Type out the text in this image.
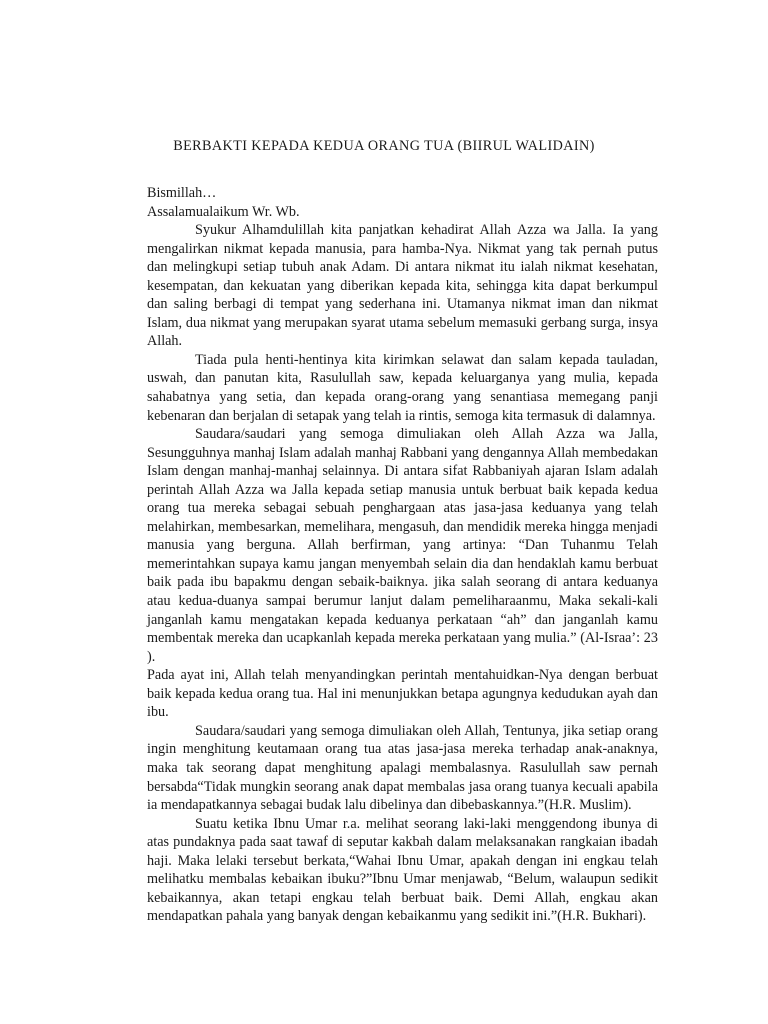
BERBAKTI KEPADA KEDUA ORANG TUA (BIIRUL WALIDAIN)

Bismillah…

Assalamualaikum Wr. Wb.

Syukur Alhamdulillah kita panjatkan kehadirat Allah Azza wa Jalla. Ia yang mengalirkan nikmat kepada manusia, para hamba-Nya. Nikmat yang tak pernah putus dan melingkupi setiap tubuh anak Adam. Di antara nikmat itu ialah nikmat kesehatan, kesempatan, dan kekuatan yang diberikan kepada kita, sehingga kita dapat berkumpul dan saling berbagi di tempat yang sederhana ini. Utamanya nikmat iman dan nikmat Islam, dua nikmat yang merupakan syarat utama sebelum memasuki gerbang surga, insya Allah.

Tiada pula henti-hentinya kita kirimkan selawat dan salam kepada tauladan, uswah, dan panutan kita, Rasulullah saw, kepada keluarganya yang mulia, kepada sahabatnya yang setia, dan kepada orang-orang yang senantiasa memegang panji kebenaran dan berjalan di setapak yang telah ia rintis, semoga kita termasuk di dalamnya.

Saudara/saudari yang semoga dimuliakan oleh Allah Azza wa Jalla, Sesungguhnya manhaj Islam adalah manhaj Rabbani yang dengannya Allah membedakan Islam dengan manhaj-manhaj selainnya. Di antara sifat Rabbaniyah ajaran Islam adalah perintah Allah Azza wa Jalla kepada setiap manusia untuk berbuat baik kepada kedua orang tua mereka sebagai sebuah penghargaan atas jasa-jasa keduanya yang telah melahirkan, membesarkan, memelihara, mengasuh, dan mendidik mereka hingga menjadi manusia yang berguna. Allah berfirman, yang artinya: “Dan Tuhanmu Telah memerintahkan supaya kamu jangan menyembah selain dia dan hendaklah kamu berbuat baik pada ibu bapakmu dengan sebaik-baiknya. jika salah seorang di antara keduanya atau kedua-duanya sampai berumur lanjut dalam pemeliharaanmu, Maka sekali-kali janganlah kamu mengatakan kepada keduanya perkataan “ah” dan janganlah kamu membentak mereka dan ucapkanlah kepada mereka perkataan yang mulia.” (Al-Israa’: 23 ).

Pada ayat ini, Allah telah menyandingkan perintah mentahuidkan-Nya dengan berbuat baik kepada kedua orang tua. Hal ini menunjukkan betapa agungnya kedudukan ayah dan ibu.

Saudara/saudari yang semoga dimuliakan oleh Allah, Tentunya, jika setiap orang ingin menghitung keutamaan orang tua atas jasa-jasa mereka terhadap anak-anaknya, maka tak seorang dapat menghitung apalagi membalasnya. Rasulullah saw pernah bersabda“Tidak mungkin seorang anak dapat membalas jasa orang tuanya kecuali apabila ia mendapatkannya sebagai budak lalu dibelinya dan dibebaskannya.”(H.R. Muslim).

Suatu ketika Ibnu Umar r.a. melihat seorang laki-laki menggendong ibunya di atas pundaknya pada saat tawaf di seputar kakbah dalam melaksanakan rangkaian ibadah haji. Maka lelaki tersebut berkata,“Wahai Ibnu Umar, apakah dengan ini engkau telah melihatku membalas kebaikan ibuku?”Ibnu Umar menjawab, “Belum, walaupun sedikit kebaikannya, akan tetapi engkau telah berbuat baik. Demi Allah, engkau akan mendapatkan pahala yang banyak dengan kebaikanmu yang sedikit ini.”(H.R. Bukhari).
